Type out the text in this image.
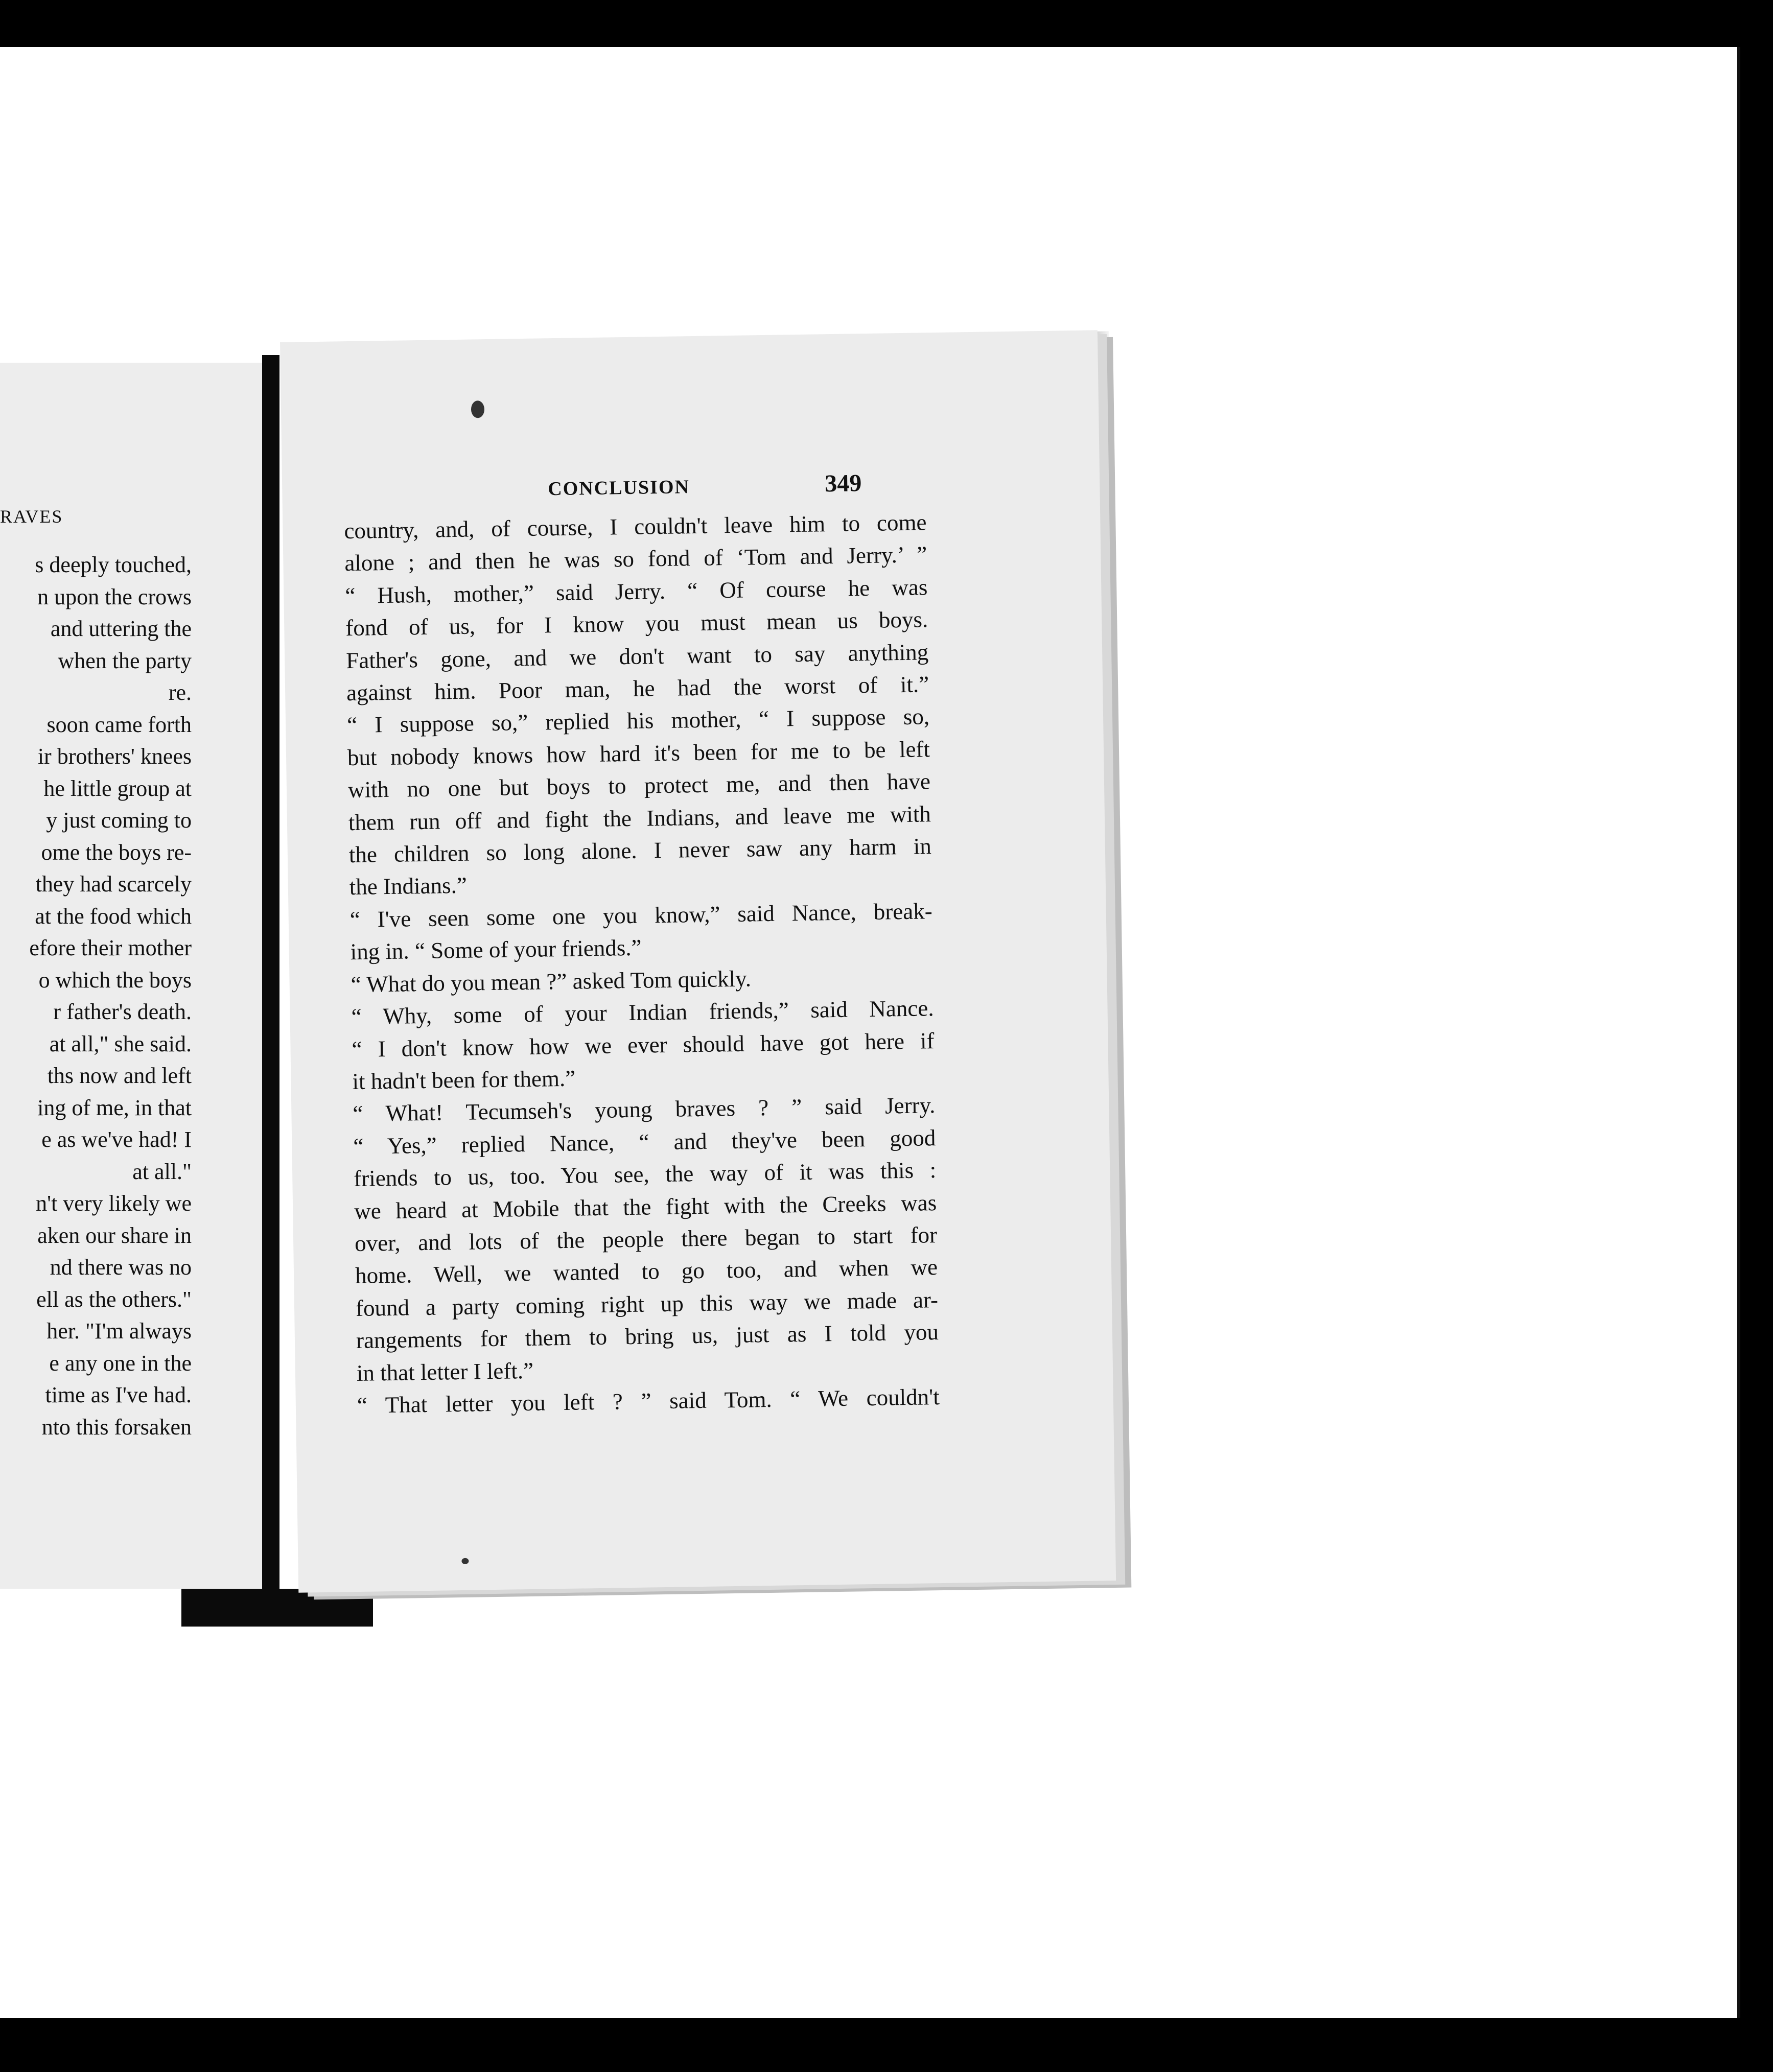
RAVES
s deeply touched,
n upon the crows
and uttering the
when the party
re.
soon came forth
ir brothers' knees
he little group at
y just coming to
ome the boys re-
they had scarcely
at the food which
efore their mother
o which the boys
r father's death.
at all," she said.
ths now and left
ing of me, in that
e as we've had! I
at all."
n't very likely we
aken our share in
nd there was no
ell as the others."
her. "I'm always
e any one in the
time as I've had.
nto this forsaken
CONCLUSION	349
country, and, of course, I couldn't leave him to come
alone ; and then he was so fond of ‘Tom and Jerry.’ ”
“ Hush, mother,” said Jerry. “ Of course he was
fond of us, for I know you must mean us boys.
Father's gone, and we don't want to say anything
against him. Poor man, he had the worst of it.”
“ I suppose so,” replied his mother, “ I suppose so,
but nobody knows how hard it's been for me to be left
with no one but boys to protect me, and then have
them run off and fight the Indians, and leave me with
the children so long alone. I never saw any harm in
the Indians.”
“ I've seen some one you know,” said Nance, break-
ing in. “ Some of your friends.”
“ What do you mean ?” asked Tom quickly.
“ Why, some of your Indian friends,” said Nance.
“ I don't know how we ever should have got here if
it hadn't been for them.”
“ What! Tecumseh's young braves ? ” said Jerry.
“ Yes,” replied Nance, “ and they've been good
friends to us, too. You see, the way of it was this :
we heard at Mobile that the fight with the Creeks was
over, and lots of the people there began to start for
home. Well, we wanted to go too, and when we
found a party coming right up this way we made ar-
rangements for them to bring us, just as I told you
in that letter I left.”
“ That letter you left ? ” said Tom. “ We couldn't
